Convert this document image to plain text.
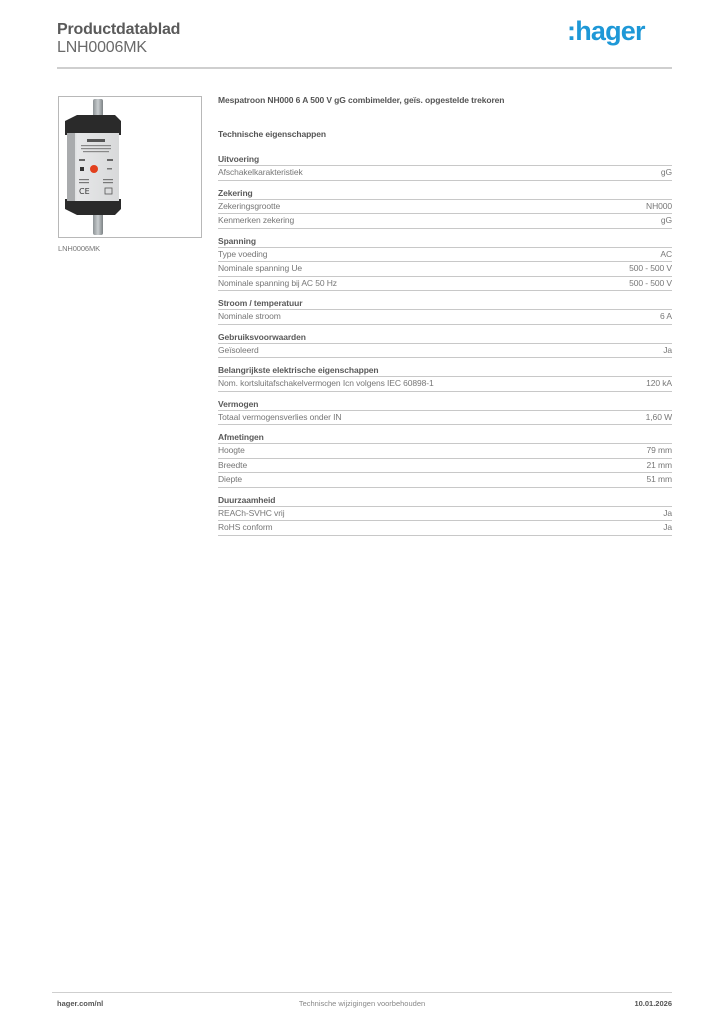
Productdatablad
LNH0006MK
:hager
CE
LNH0006MK
Mespatroon NH000 6 A 500 V gG combimelder, geïs. opgestelde trekoren
Technische eigenschappen
Uitvoering
Afschakelkarakteristiek	gG
Zekering
Zekeringsgrootte	NH000
Kenmerken zekering	gG
Spanning
Type voeding	AC
Nominale spanning Ue	500 - 500 V
Nominale spanning bij AC 50 Hz	500 - 500 V
Stroom / temperatuur
Nominale stroom	6 A
Gebruiksvoorwaarden
Geïsoleerd	Ja
Belangrijkste elektrische eigenschappen
Nom. kortsluitafschakelvermogen Icn volgens IEC 60898-1	120 kA
Vermogen
Totaal vermogensverlies onder IN	1,60 W
Afmetingen
Hoogte	79 mm
Breedte	21 mm
Diepte	51 mm
Duurzaamheid
REACh-SVHC vrij	Ja
RoHS conform	Ja
hager.com/nl	Technische wijzigingen voorbehouden	10.01.2026
